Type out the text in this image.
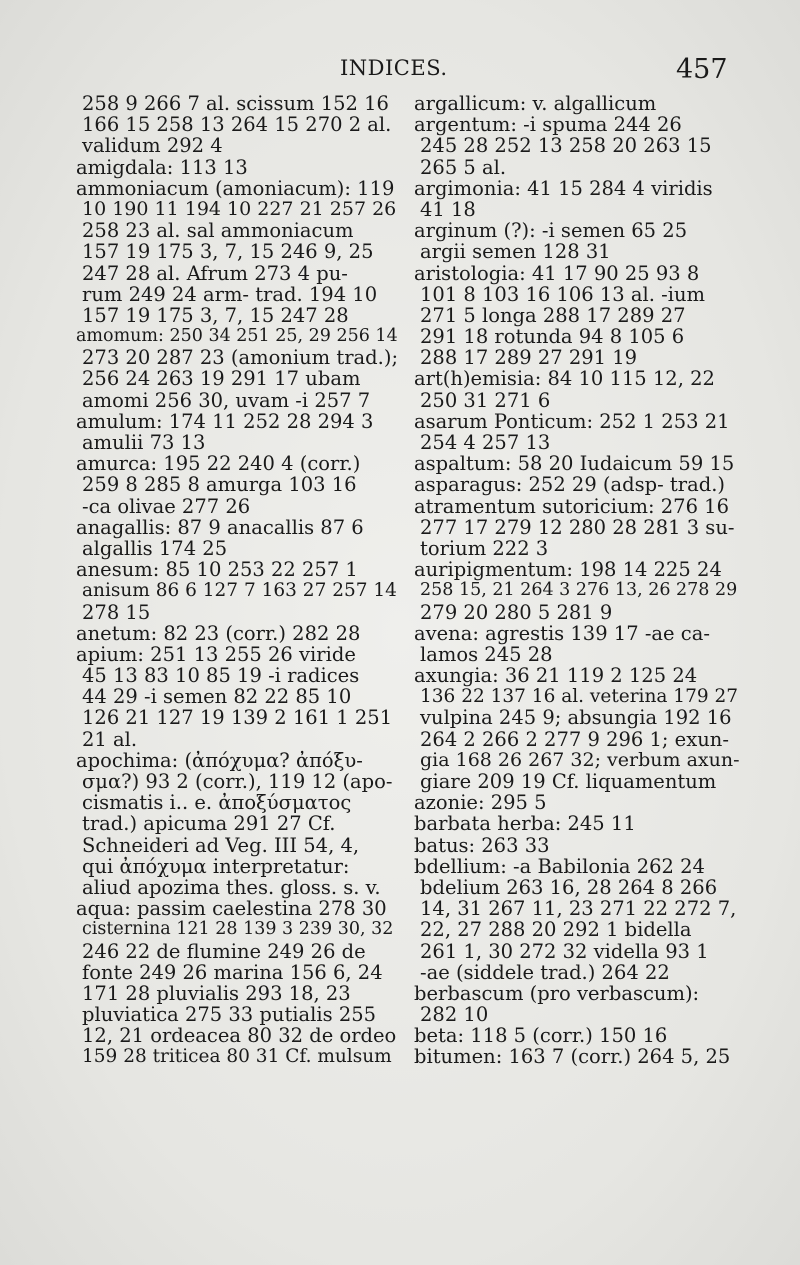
INDICES.	457
258 9 266 7 al. scissum 152 16
166 15 258 13 264 15 270 2 al.
validum 292 4
amigdala: 113 13
ammoniacum (amoniacum): 119
10 190 11 194 10 227 21 257 26
258 23 al. sal ammoniacum
157 19 175 3, 7, 15 246 9, 25
247 28 al. Afrum 273 4 pu-
rum 249 24 arm- trad. 194 10
157 19 175 3, 7, 15 247 28
amomum: 250 34 251 25, 29 256 14
273 20 287 23 (amonium trad.);
256 24 263 19 291 17 ubam
amomi 256 30, uvam -i 257 7
amulum: 174 11 252 28 294 3
amulii 73 13
amurca: 195 22 240 4 (corr.)
259 8 285 8 amurga 103 16
-ca olivae 277 26
anagallis: 87 9 anacallis 87 6
algallis 174 25
anesum: 85 10 253 22 257 1
anisum 86 6 127 7 163 27 257 14
278 15
anetum: 82 23 (corr.) 282 28
apium: 251 13 255 26 viride
45 13 83 10 85 19 -i radices
44 29 -i semen 82 22 85 10
126 21 127 19 139 2 161 1 251
21 al.
apochima: (ἀπόχυμα? ἀπόξυ-
σμα?) 93 2 (corr.), 119 12 (apo-
cismatis i.. e. ἀποξύσματος
trad.) apicuma 291 27 Cf.
Schneideri ad Veg. III 54, 4,
qui ἀπόχυμα interpretatur:
aliud apozima thes. gloss. s. v.
aqua: passim caelestina 278 30
cisternina 121 28 139 3 239 30, 32
246 22 de flumine 249 26 de
fonte 249 26 marina 156 6, 24
171 28 pluvialis 293 18, 23
pluviatica 275 33 putialis 255
12, 21 ordeacea 80 32 de ordeo
159 28 triticea 80 31 Cf. mulsum
argallicum: v. algallicum
argentum: -i spuma 244 26
245 28 252 13 258 20 263 15
265 5 al.
argimonia: 41 15 284 4 viridis
41 18
arginum (?): -i semen 65 25
argii semen 128 31
aristologia: 41 17 90 25 93 8
101 8 103 16 106 13 al. -ium
271 5 longa 288 17 289 27
291 18 rotunda 94 8 105 6
288 17 289 27 291 19
art(h)emisia: 84 10 115 12, 22
250 31 271 6
asarum Ponticum: 252 1 253 21
254 4 257 13
aspaltum: 58 20 Iudaicum 59 15
asparagus: 252 29 (adsp- trad.)
atramentum sutoricium: 276 16
277 17 279 12 280 28 281 3 su-
torium 222 3
auripigmentum: 198 14 225 24
258 15, 21 264 3 276 13, 26 278 29
279 20 280 5 281 9
avena: agrestis 139 17 -ae ca-
lamos 245 28
axungia: 36 21 119 2 125 24
136 22 137 16 al. veterina 179 27
vulpina 245 9; absungia 192 16
264 2 266 2 277 9 296 1; exun-
gia 168 26 267 32; verbum axun-
giare 209 19 Cf. liquamentum
azonie: 295 5
barbata herba: 245 11
batus: 263 33
bdellium: -a Babilonia 262 24
bdelium 263 16, 28 264 8 266
14, 31 267 11, 23 271 22 272 7,
22, 27 288 20 292 1 bidella
261 1, 30 272 32 vidella 93 1
-ae (siddele trad.) 264 22
berbascum (pro verbascum):
282 10
beta: 118 5 (corr.) 150 16
bitumen: 163 7 (corr.) 264 5, 25
